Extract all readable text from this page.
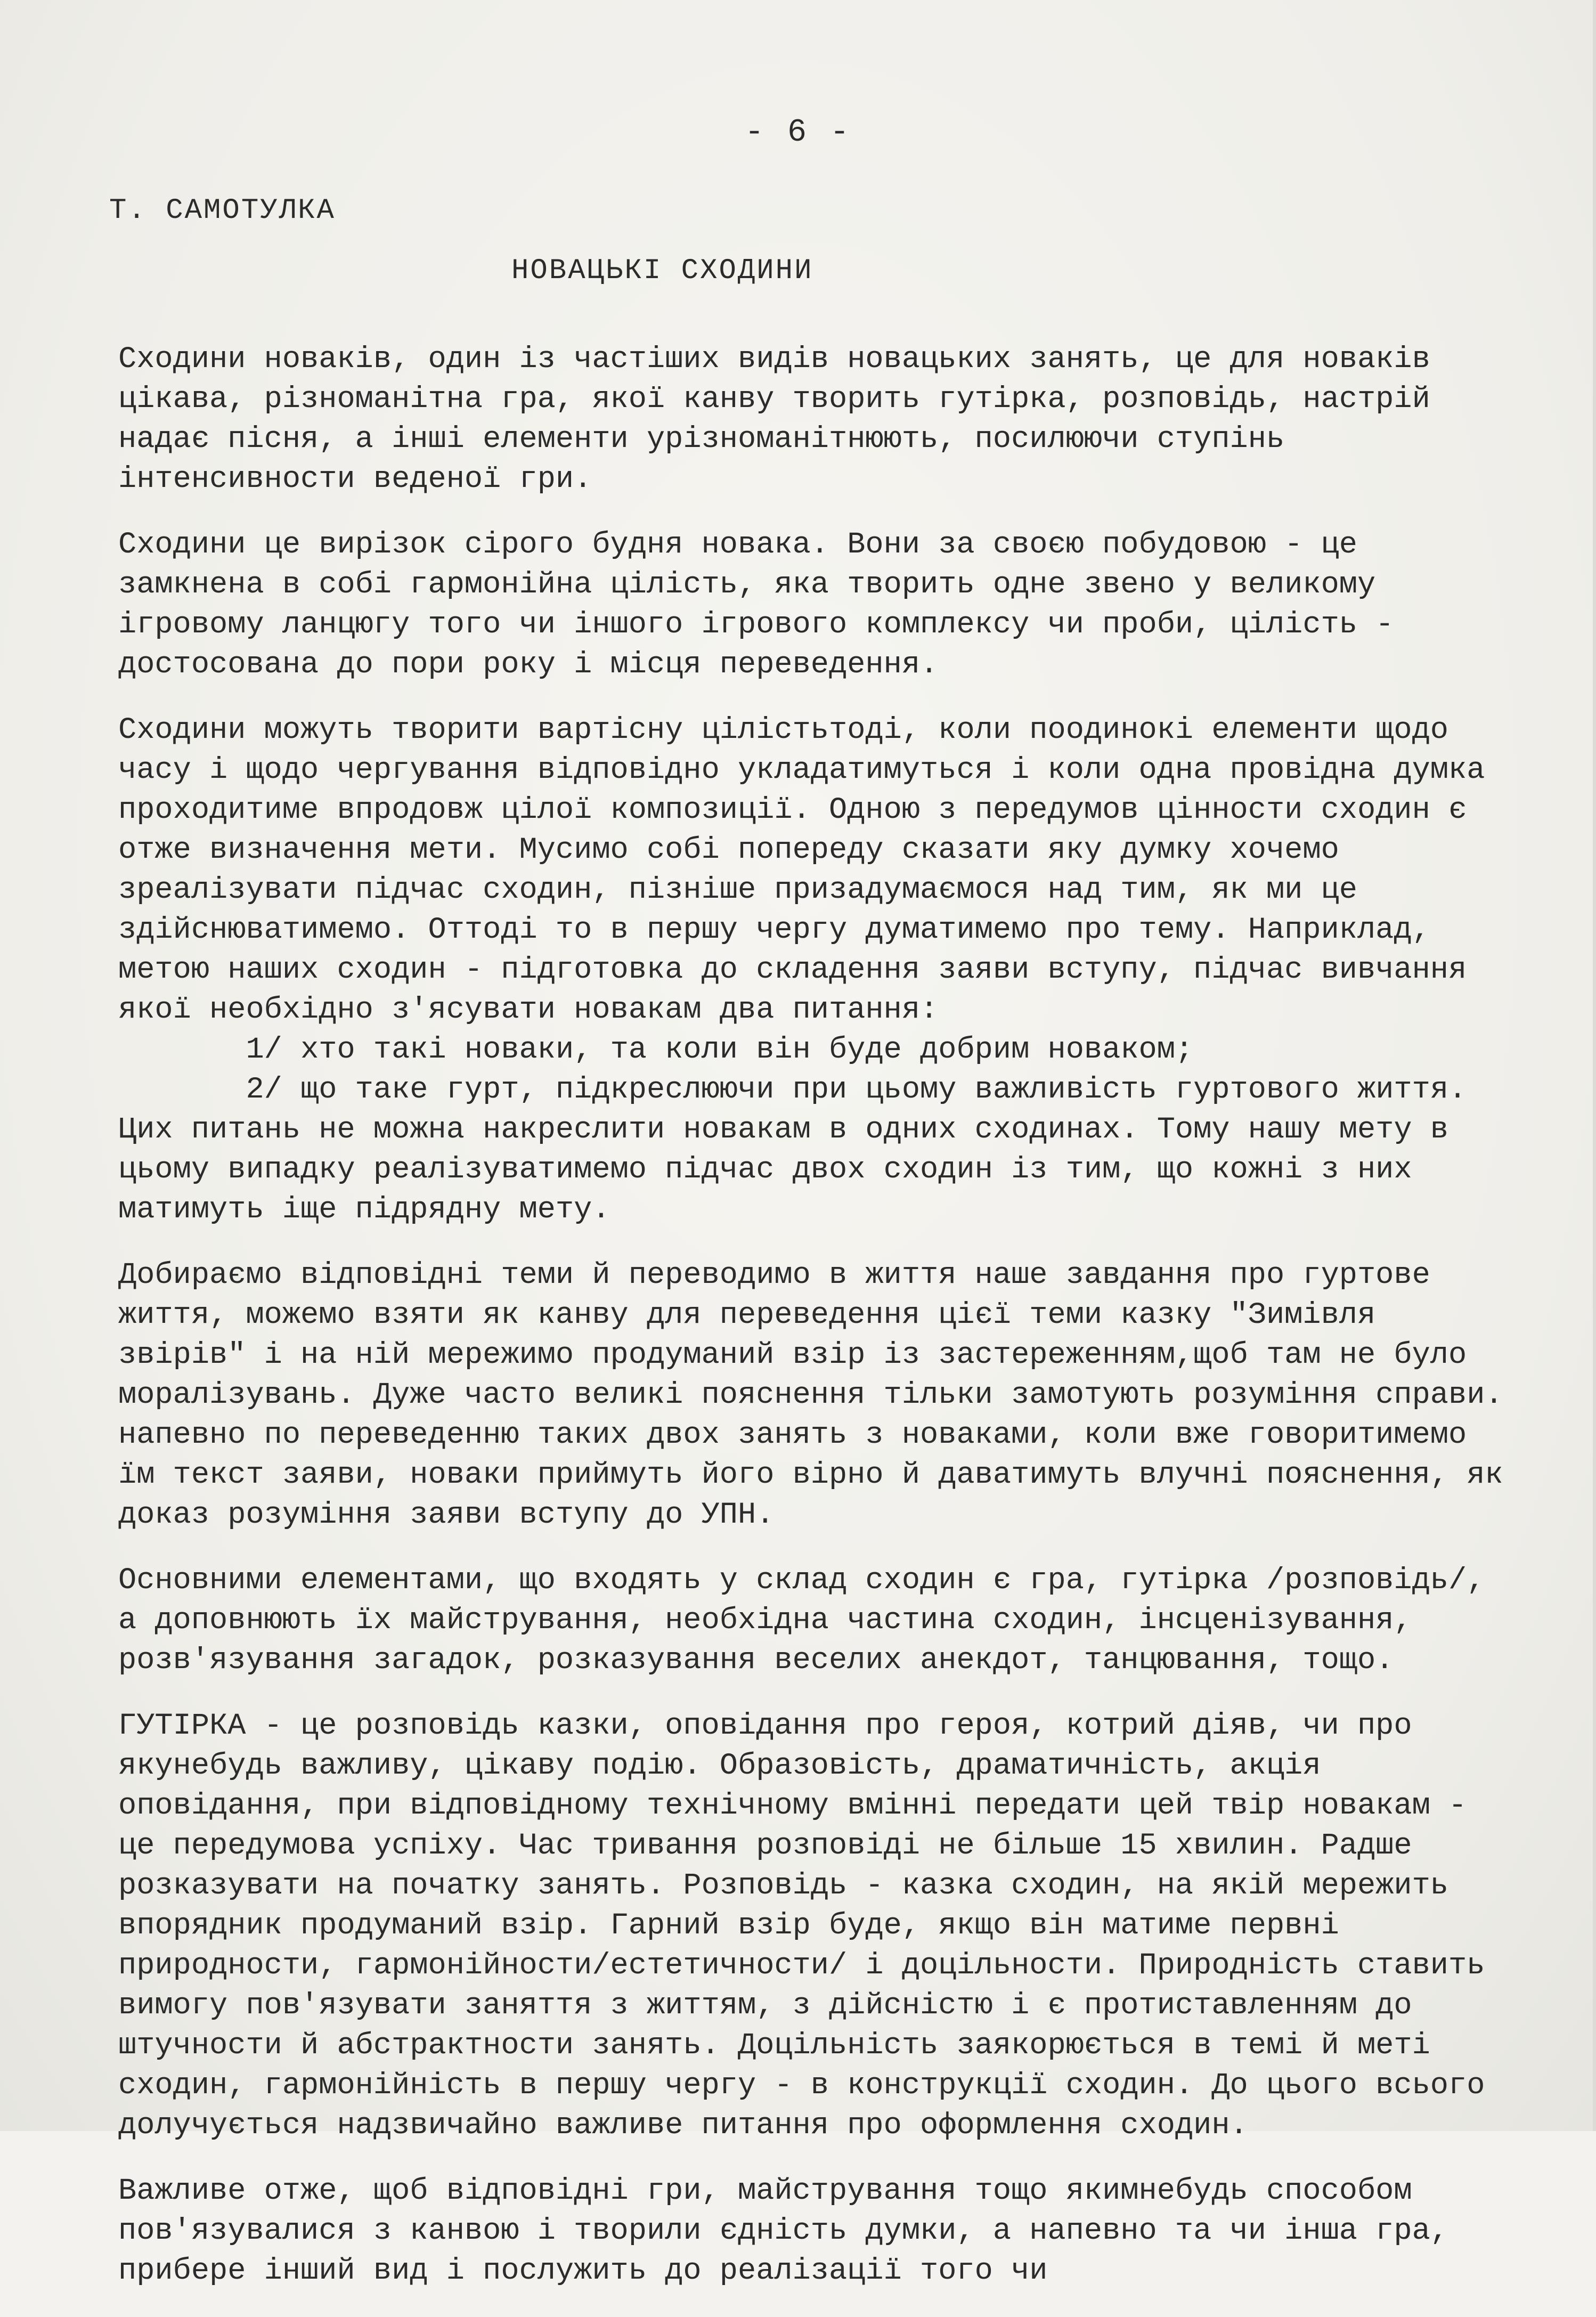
- 6 -
Т. САМОТУЛКА
НОВАЦЬКІ СХОДИНИ

Сходини новаків, один із частіших видів новацьких занять, це для новаків цікава, різноманітна гра, якої канву творить гутірка, розповідь, настрій надає пісня, а інші елементи урізноманітнюють, посилюючи ступінь інтенсивности веденої гри.

Сходини це вирізок сірого будня новака. Вони за своєю побудовою - це замкнена в собі гармонійна цілість, яка творить одне звено у великому ігровому ланцюгу того чи іншого ігрового комплексу чи проби, цілість - достосована до пори року і місця переведення.

Сходини можуть творити вартісну цілістьтоді, коли поодинокі елементи щодо часу і щодо чергування відповідно укладатимуться і коли одна провідна думка проходитиме впродовж цілої композиції. Одною з передумов цінности сходин є отже визначення мети. Мусимо собі попереду сказати яку думку хочемо зреалізувати підчас сходин, пізніше призадумаємося над тим, як ми це здійснюватимемо. Оттоді то в першу чергу думатимемо про тему. Наприклад, метою наших сходин - підготовка до складення заяви вступу, підчас вивчання якої необхідно з'ясувати новакам два питання:
1/ хто такі новаки, та коли він буде добрим новаком;
2/ що таке гурт, підкреслюючи при цьому важливість гуртового життя.  Цих питань не можна накреслити новакам в одних сходинах. Тому нашу мету в цьому випадку реалізуватимемо підчас двох сходин із тим, що кожні з них матимуть іще підрядну мету.

Добираємо відповідні теми й переводимо в життя наше завдання про гуртове життя, можемо взяти як канву для переведення цієї теми казку "Зимівля звірів" і на ній мережимо продуманий взір із застереженням,щоб там не було моралізувань. Дуже часто великі пояснення тільки замотують розуміння справи.  напевно по переведенню таких двох занять з новаками, коли вже говоритимемо їм текст заяви, новаки приймуть його вірно й даватимуть влучні пояснення, як доказ розуміння заяви вступу до УПН.

Основними елементами, що входять у склад сходин є гра, гутірка /розповідь/, а доповнюють їх майстрування, необхідна частина сходин, інсценізування, розв'язування загадок, розказування веселих анекдот, танцювання, тощо.

ГУТІРКА - це розповідь казки, оповідання про героя, котрий діяв, чи про якунебудь важливу, цікаву подію. Образовість, драматичність, акція оповідання, при відповідному технічному вмінні передати цей твір новакам - це передумова успіху. Час тривання розповіді не більше 15 хвилин. Радше розказувати на початку занять. Розповідь - казка сходин, на якій мережить впорядник продуманий взір. Гарний взір буде, якщо він матиме первні природности, гармонійности/естетичности/ і доцільности. Природність ставить вимогу пов'язувати заняття з життям, з дійсністю і є протиставленням до штучности й абстрактности занять. Доцільність заякорюється в темі й меті сходин, гармонійність в першу чергу - в конструкції сходин. До цього всього долучується надзвичайно важливе питання про оформлення сходин.

Важливе отже, щоб відповідні гри, майстрування тощо якимнебудь способом пов'язувалися з канвою і творили єдність думки, а напевно та чи інша гра, прибере інший вид і послужить до реалізації того чи
